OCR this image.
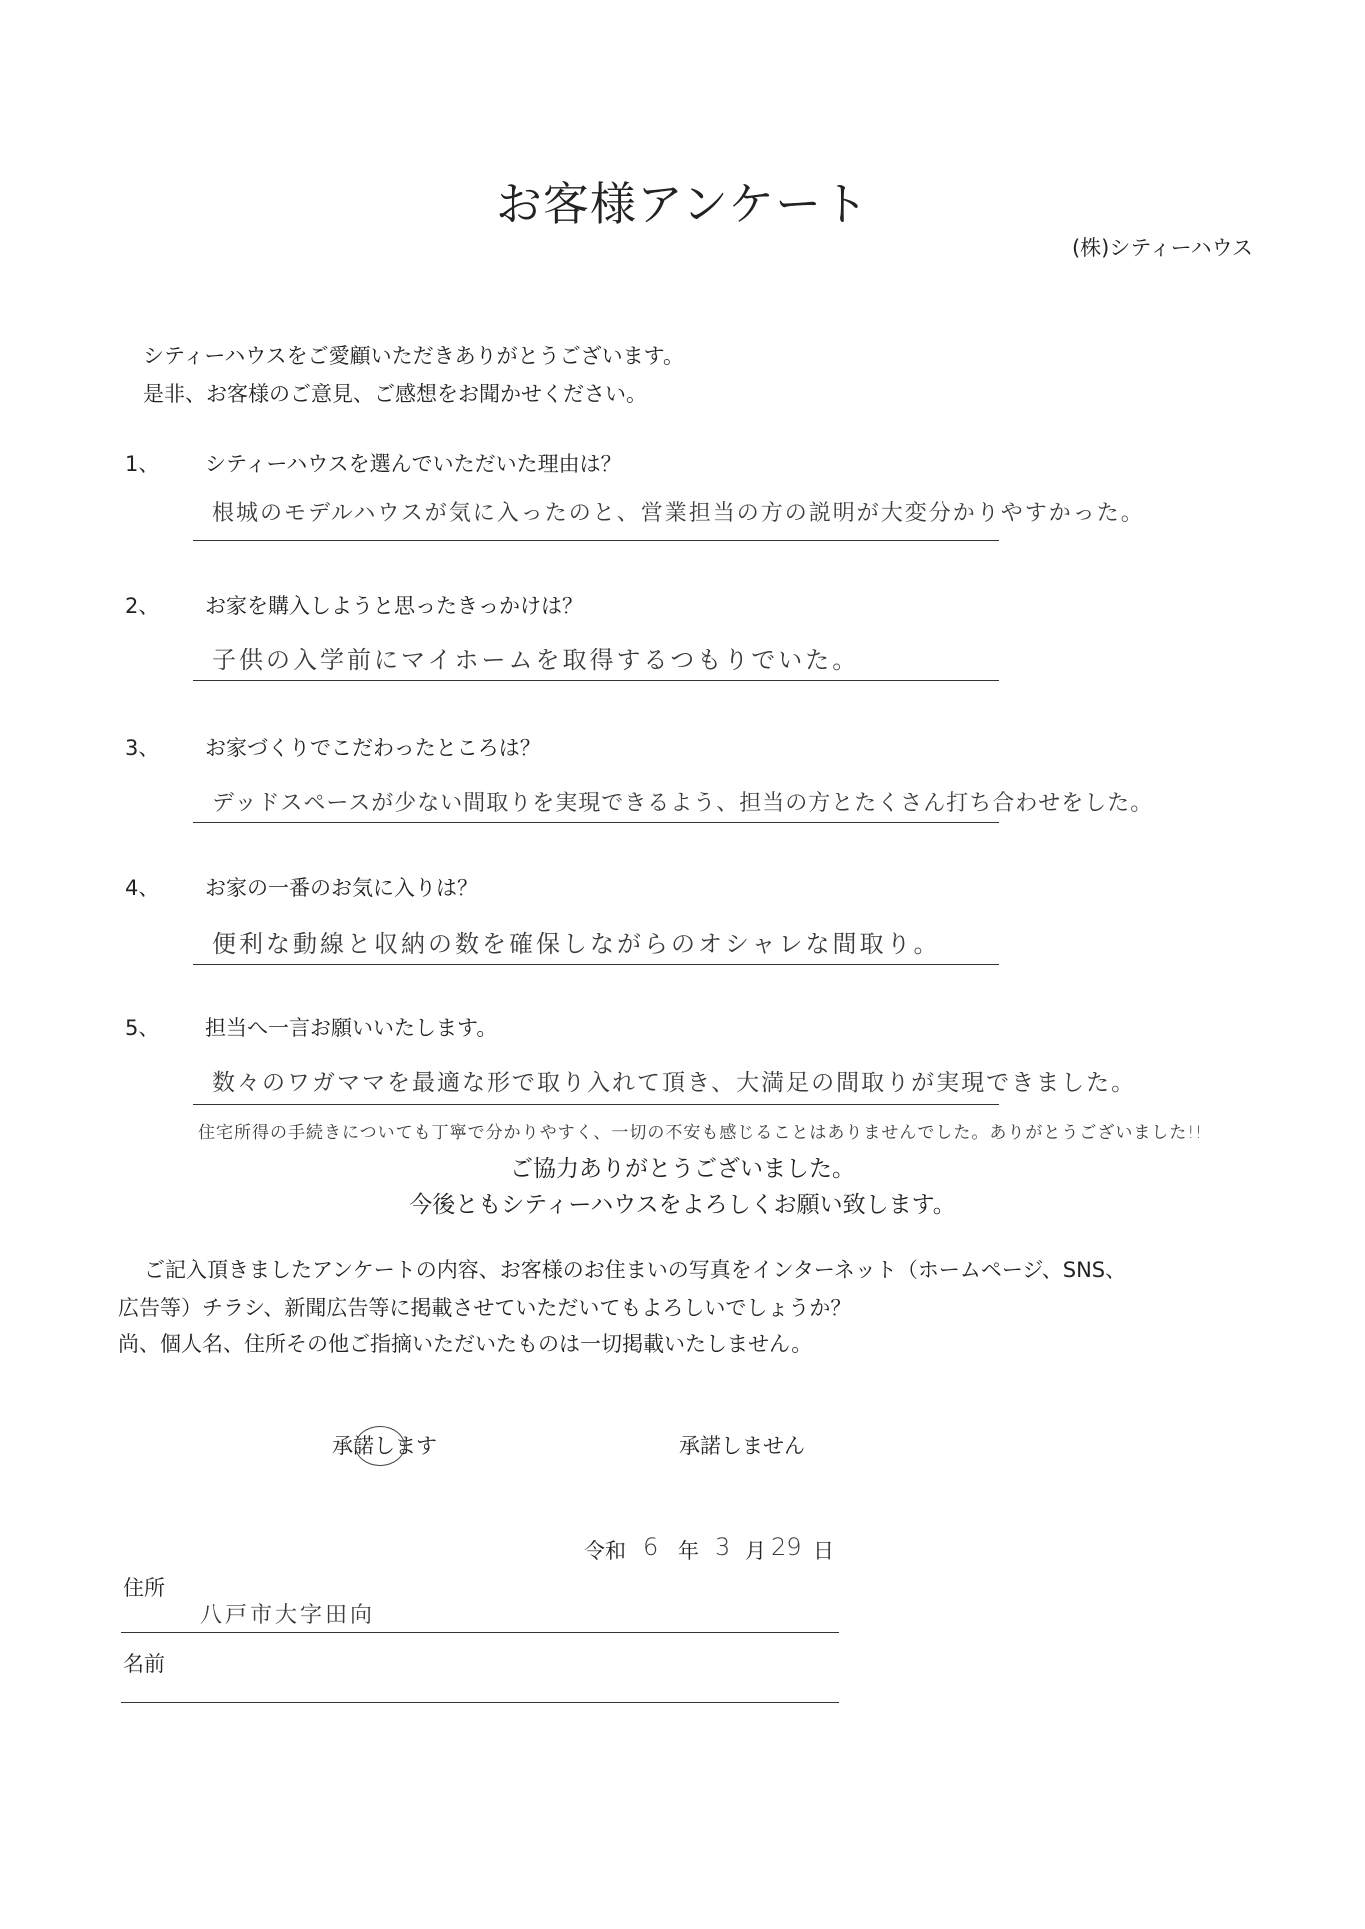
お客様アンケート
(株)シティーハウス
シティーハウスをご愛顧いただきありがとうございます。
是非、お客様のご意見、ご感想をお聞かせください。
1、 シティーハウスを選んでいただいた理由は？
根城のモデルハウスが気に入ったのと、営業担当の方の説明が大変分かりやすかった。
2、 お家を購入しようと思ったきっかけは？
子供の入学前にマイホームを取得するつもりでいた。
3、 お家づくりでこだわったところは？
デッドスペースが少ない間取りを実現できるよう、担当の方とたくさん打ち合わせをした。
4、 お家の一番のお気に入りは？
便利な動線と収納の数を確保しながらのオシャレな間取り。
5、 担当へ一言お願いいたします。
数々のワガママを最適な形で取り入れて頂き、大満足の間取りが実現できました。
住宅所得の手続きについても丁寧で分かりやすく、一切の不安も感じることはありませんでした。ありがとうございました!!
ご協力ありがとうございました。
今後ともシティーハウスをよろしくお願い致します。
ご記入頂きましたアンケートの内容、お客様のお住まいの写真をインターネット（ホームページ、SNS、
広告等）チラシ、新聞広告等に掲載させていただいてもよろしいでしょうか？
尚、個人名、住所その他ご指摘いただいたものは一切掲載いたしません。
承諾します	承諾しません
令和 6 年 3 月 29 日
住所
八戸市大字田向
名前
